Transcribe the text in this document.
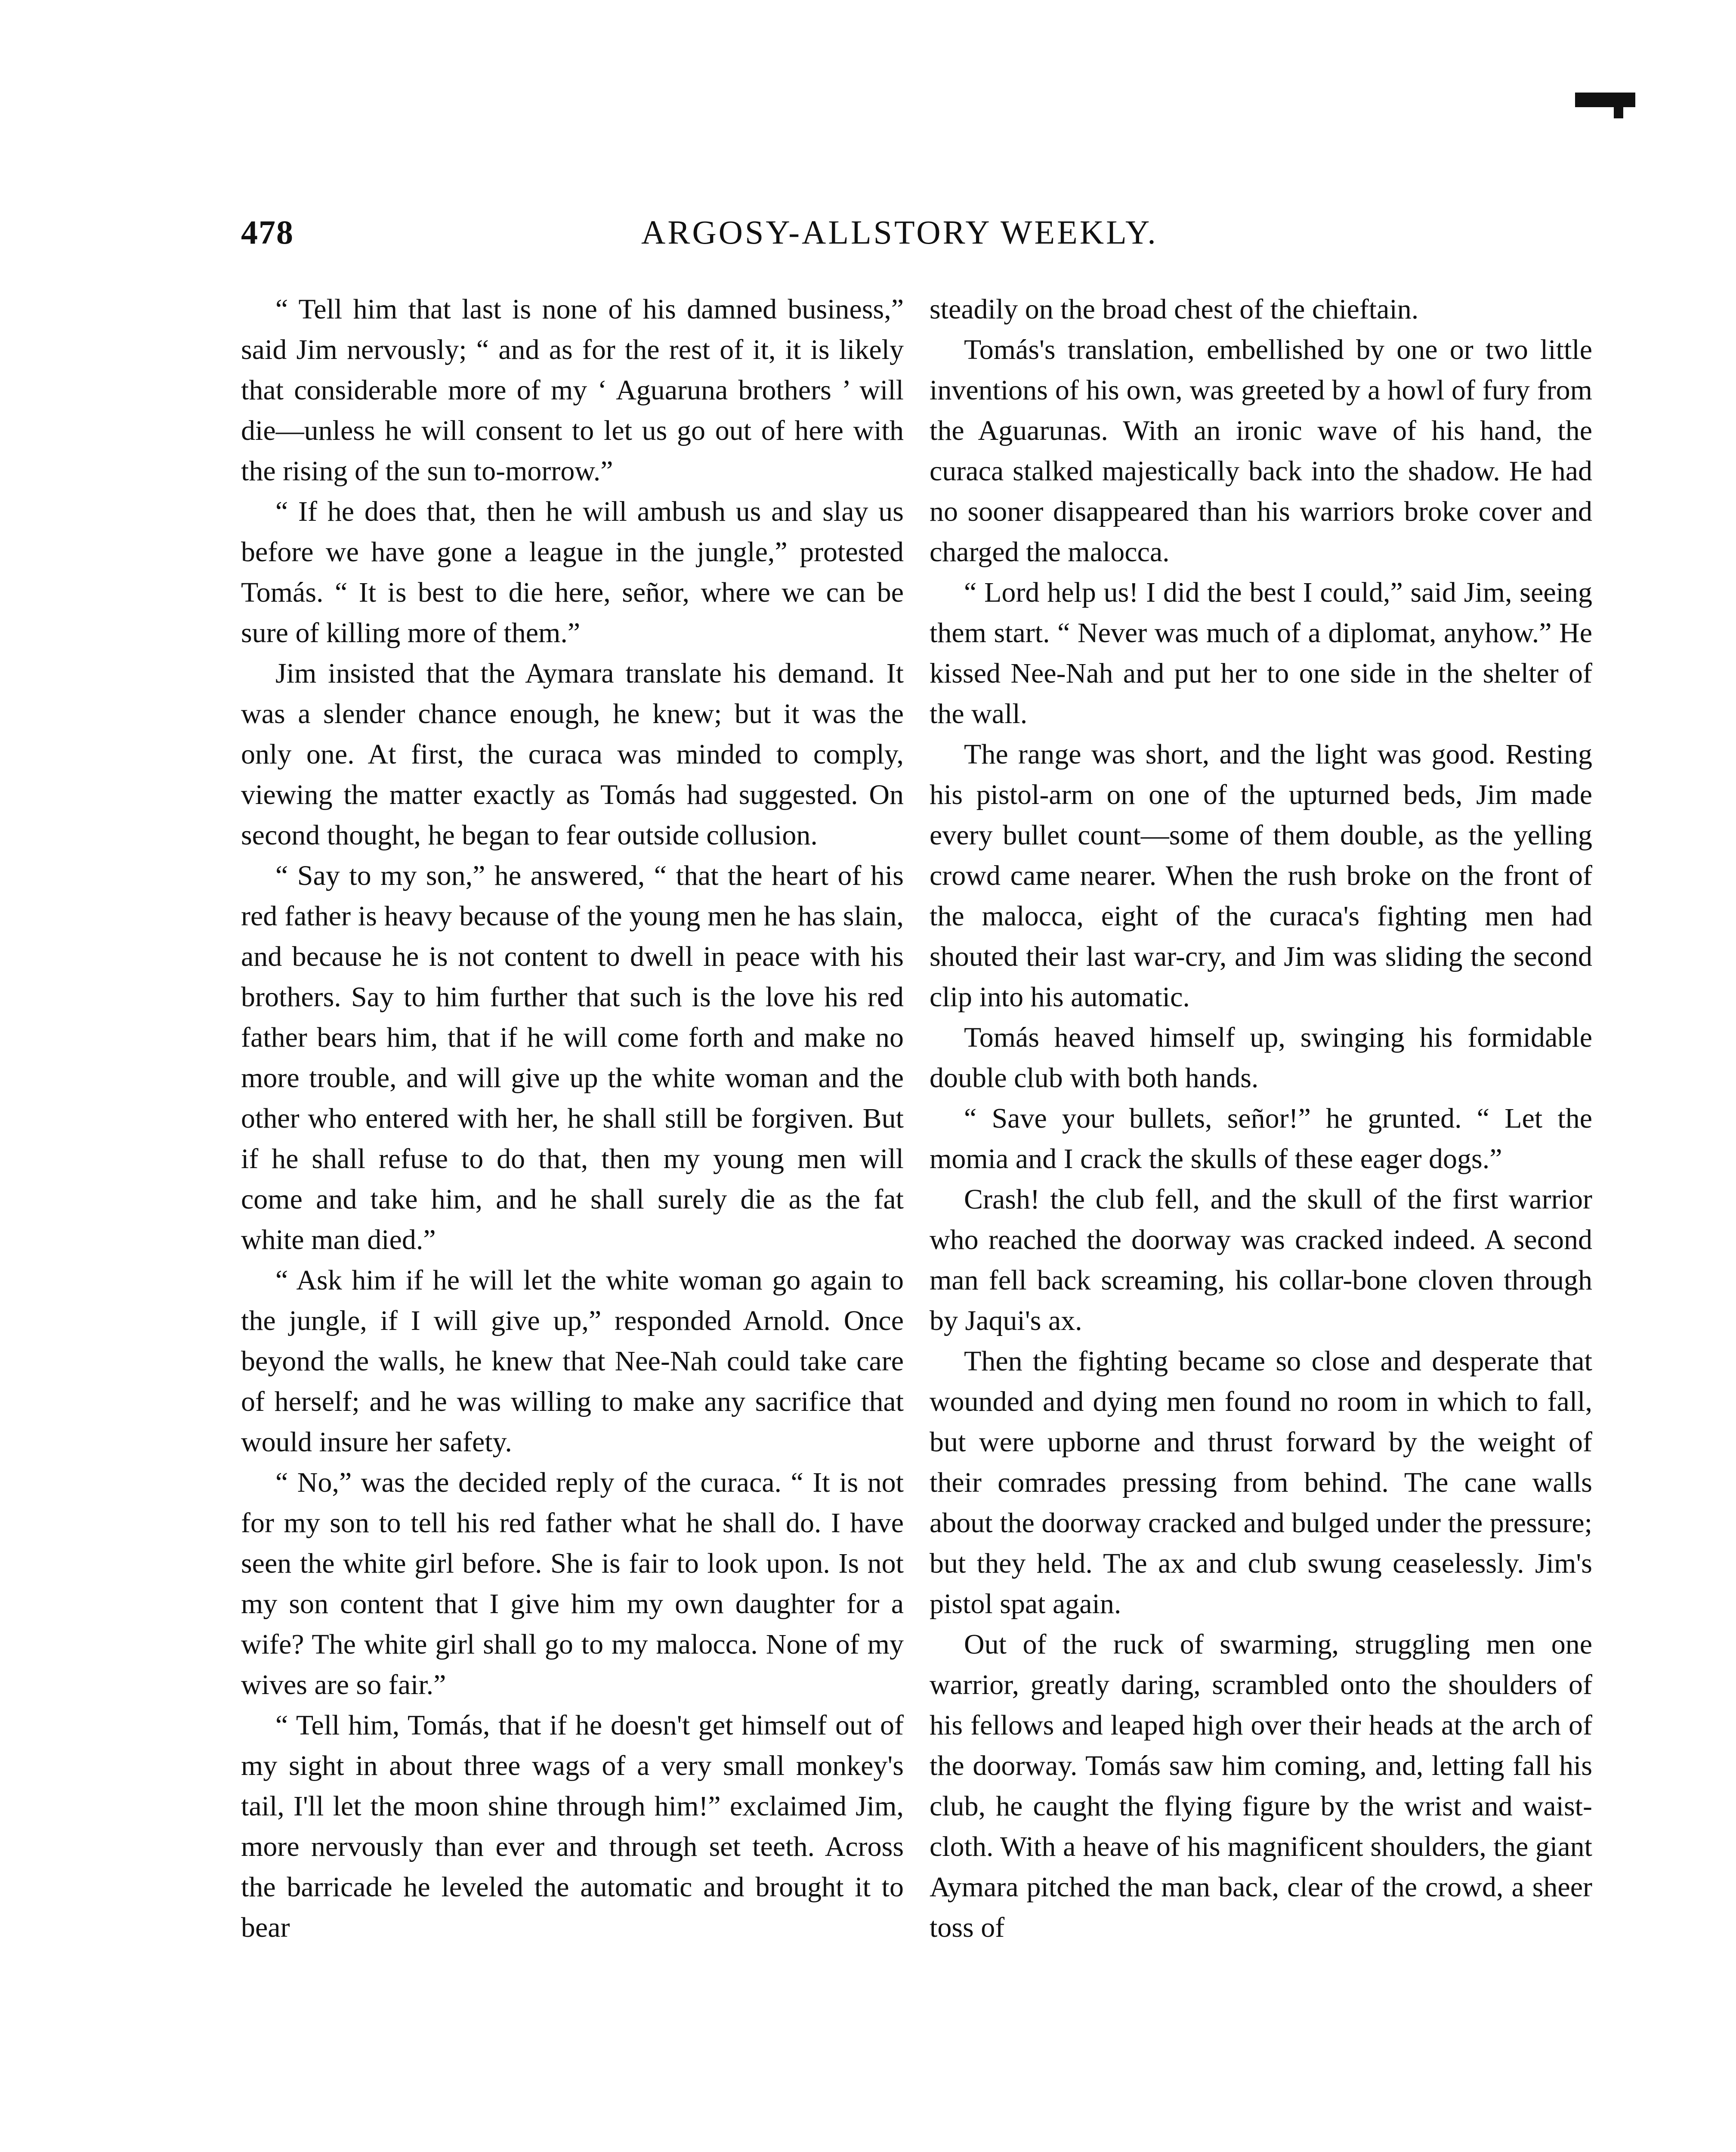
478	ARGOSY-ALLSTORY WEEKLY.

“ Tell him that last is none of his damned business,” said Jim nervously; “ and as for the rest of it, it is likely that considerable more of my ‘ Aguaruna brothers ’ will die—unless he will consent to let us go out of here with the rising of the sun to-morrow.”

“ If he does that, then he will ambush us and slay us before we have gone a league in the jungle,” protested Tomás. “ It is best to die here, señor, where we can be sure of killing more of them.”

Jim insisted that the Aymara translate his demand. It was a slender chance enough, he knew; but it was the only one. At first, the curaca was minded to comply, viewing the matter exactly as Tomás had suggested. On second thought, he began to fear outside collusion.

“ Say to my son,” he answered, “ that the heart of his red father is heavy because of the young men he has slain, and because he is not content to dwell in peace with his brothers. Say to him further that such is the love his red father bears him, that if he will come forth and make no more trouble, and will give up the white woman and the other who entered with her, he shall still be forgiven. But if he shall refuse to do that, then my young men will come and take him, and he shall surely die as the fat white man died.”

“ Ask him if he will let the white woman go again to the jungle, if I will give up,” responded Arnold. Once beyond the walls, he knew that Nee-Nah could take care of herself; and he was willing to make any sacrifice that would insure her safety.

“ No,” was the decided reply of the curaca. “ It is not for my son to tell his red father what he shall do. I have seen the white girl before. She is fair to look upon. Is not my son content that I give him my own daughter for a wife? The white girl shall go to my malocca. None of my wives are so fair.”

“ Tell him, Tomás, that if he doesn't get himself out of my sight in about three wags of a very small monkey's tail, I'll let the moon shine through him!” exclaimed Jim, more nervously than ever and through set teeth. Across the barricade he leveled the automatic and brought it to bear

steadily on the broad chest of the chieftain.

Tomás's translation, embellished by one or two little inventions of his own, was greeted by a howl of fury from the Aguarunas. With an ironic wave of his hand, the curaca stalked majestically back into the shadow. He had no sooner disappeared than his warriors broke cover and charged the malocca.

“ Lord help us! I did the best I could,” said Jim, seeing them start. “ Never was much of a diplomat, anyhow.” He kissed Nee-Nah and put her to one side in the shelter of the wall.

The range was short, and the light was good. Resting his pistol-arm on one of the upturned beds, Jim made every bullet count—some of them double, as the yelling crowd came nearer. When the rush broke on the front of the malocca, eight of the curaca's fighting men had shouted their last war-cry, and Jim was sliding the second clip into his automatic.

Tomás heaved himself up, swinging his formidable double club with both hands.

“ Save your bullets, señor!” he grunted. “ Let the momia and I crack the skulls of these eager dogs.”

Crash! the club fell, and the skull of the first warrior who reached the doorway was cracked indeed. A second man fell back screaming, his collar-bone cloven through by Jaqui's ax.

Then the fighting became so close and desperate that wounded and dying men found no room in which to fall, but were upborne and thrust forward by the weight of their comrades pressing from behind. The cane walls about the doorway cracked and bulged under the pressure; but they held. The ax and club swung ceaselessly. Jim's pistol spat again.

Out of the ruck of swarming, struggling men one warrior, greatly daring, scrambled onto the shoulders of his fellows and leaped high over their heads at the arch of the doorway. Tomás saw him coming, and, letting fall his club, he caught the flying figure by the wrist and waist-cloth. With a heave of his magnificent shoulders, the giant Aymara pitched the man back, clear of the crowd, a sheer toss of
